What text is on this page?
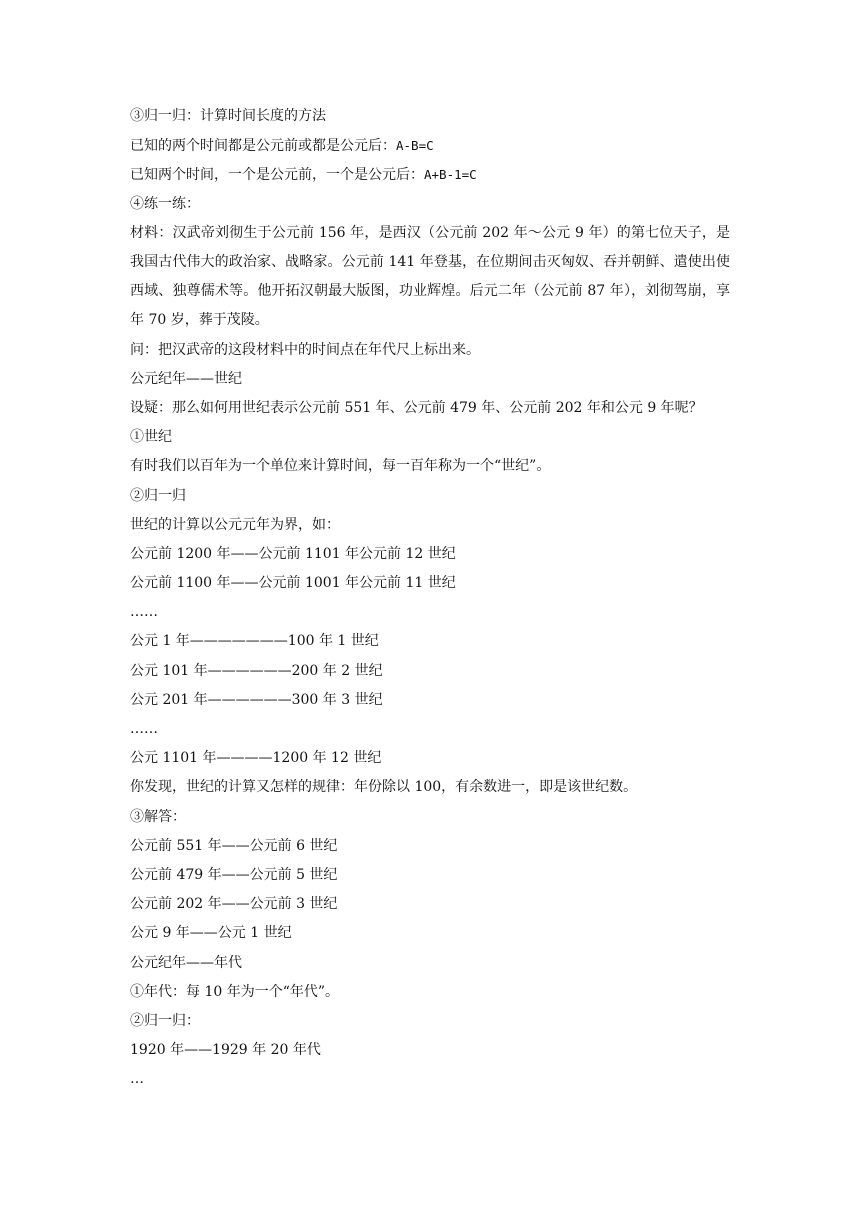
③归一归：计算时间长度的方法
已知的两个时间都是公元前或都是公元后：A-B=C
已知两个时间，一个是公元前，一个是公元后：A+B-1=C
④练一练：
材料：汉武帝刘彻生于公元前 156 年，是西汉（公元前 202 年～公元 9 年）的第七位天子，是我国古代伟大的政治家、战略家。公元前 141 年登基，在位期间击灭匈奴、吞并朝鲜、遣使出使西域、独尊儒术等。他开拓汉朝最大版图，功业辉煌。后元二年（公元前 87 年），刘彻驾崩，享年 70 岁，葬于茂陵。
问：把汉武帝的这段材料中的时间点在年代尺上标出来。
公元纪年——世纪
设疑：那么如何用世纪表示公元前 551 年、公元前 479 年、公元前 202 年和公元 9 年呢？
①世纪
有时我们以百年为一个单位来计算时间，每一百年称为一个“世纪”。
②归一归
世纪的计算以公元元年为界，如：
公元前 1200 年——公元前 1101 年公元前 12 世纪
公元前 1100 年——公元前 1001 年公元前 11 世纪
……
公元 1 年———————100 年 1 世纪
公元 101 年——————200 年 2 世纪
公元 201 年——————300 年 3 世纪
……
公元 1101 年————1200 年 12 世纪
你发现，世纪的计算又怎样的规律：年份除以 100，有余数进一，即是该世纪数。
③解答：
公元前 551 年——公元前 6 世纪
公元前 479 年——公元前 5 世纪
公元前 202 年——公元前 3 世纪
公元 9 年——公元 1 世纪
公元纪年——年代
①年代：每 10 年为一个“年代”。
②归一归：
1920 年——1929 年 20 年代
…
